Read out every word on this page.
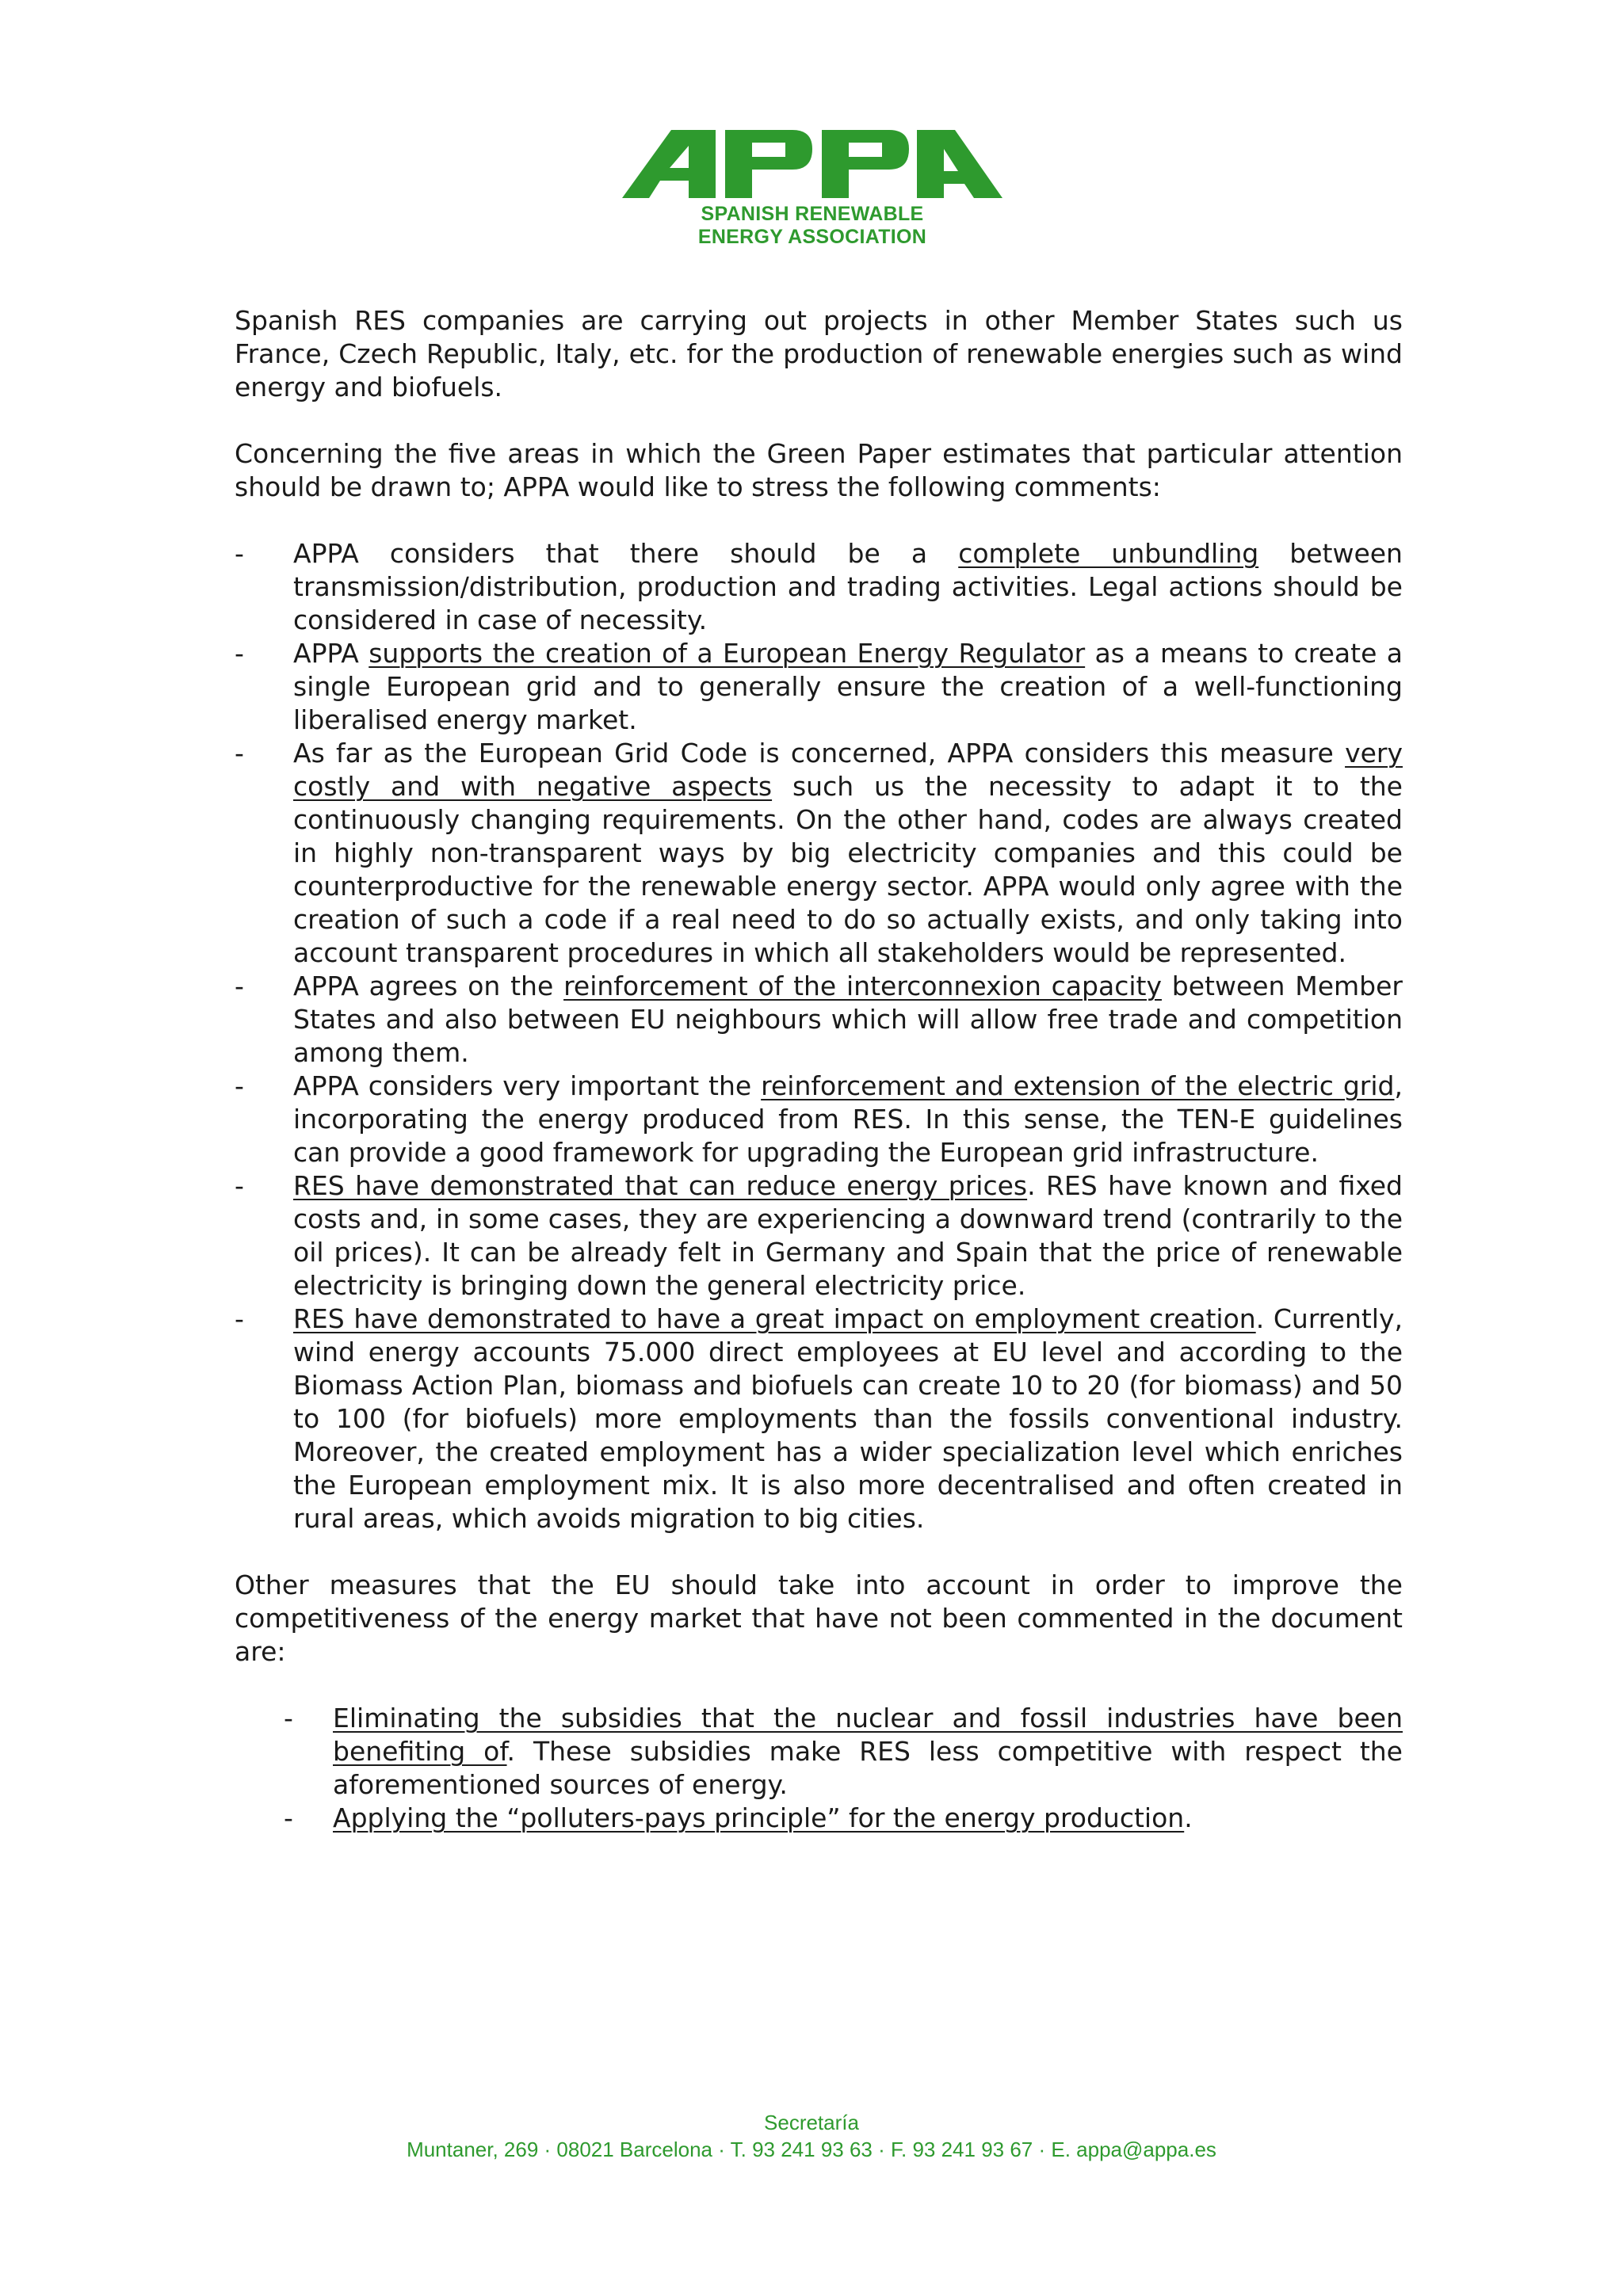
SPANISH RENEWABLE
ENERGY ASSOCIATION

Spanish RES companies are carrying out projects in other Member States such us France, Czech Republic, Italy, etc. for the production of renewable energies such as wind energy and biofuels.

Concerning the five areas in which the Green Paper estimates that particular attention should be drawn to; APPA would like to stress the following comments:

- APPA considers that there should be a complete unbundling between transmission/distribution, production and trading activities. Legal actions should be considered in case of necessity.
- APPA supports the creation of a European Energy Regulator as a means to create a single European grid and to generally ensure the creation of a well-functioning liberalised energy market.
- As far as the European Grid Code is concerned, APPA considers this measure very costly and with negative aspects such us the necessity to adapt it to the continuously changing requirements. On the other hand, codes are always created in highly non-transparent ways by big electricity companies and this could be counterproductive for the renewable energy sector. APPA would only agree with the creation of such a code if a real need to do so actually exists, and only taking into account transparent procedures in which all stakeholders would be represented.
- APPA agrees on the reinforcement of the interconnexion capacity between Member States and also between EU neighbours which will allow free trade and competition among them.
- APPA considers very important the reinforcement and extension of the electric grid, incorporating the energy produced from RES. In this sense, the TEN-E guidelines can provide a good framework for upgrading the European grid infrastructure.
- RES have demonstrated that can reduce energy prices. RES have known and fixed costs and, in some cases, they are experiencing a downward trend (contrarily to the oil prices). It can be already felt in Germany and Spain that the price of renewable electricity is bringing down the general electricity price.
- RES have demonstrated to have a great impact on employment creation. Currently, wind energy accounts 75.000 direct employees at EU level and according to the Biomass Action Plan, biomass and biofuels can create 10 to 20 (for biomass) and 50 to 100 (for biofuels) more employments than the fossils conventional industry. Moreover, the created employment has a wider specialization level which enriches the European employment mix. It is also more decentralised and often created in rural areas, which avoids migration to big cities.

Other measures that the EU should take into account in order to improve the competitiveness of the energy market that have not been commented in the document are:

- Eliminating the subsidies that the nuclear and fossil industries have been benefiting of. These subsidies make RES less competitive with respect the aforementioned sources of energy.
- Applying the “polluters-pays principle” for the energy production.
Secretaría
Muntaner, 269 · 08021 Barcelona · T. 93 241 93 63 · F. 93 241 93 67 · E. appa@appa.es
